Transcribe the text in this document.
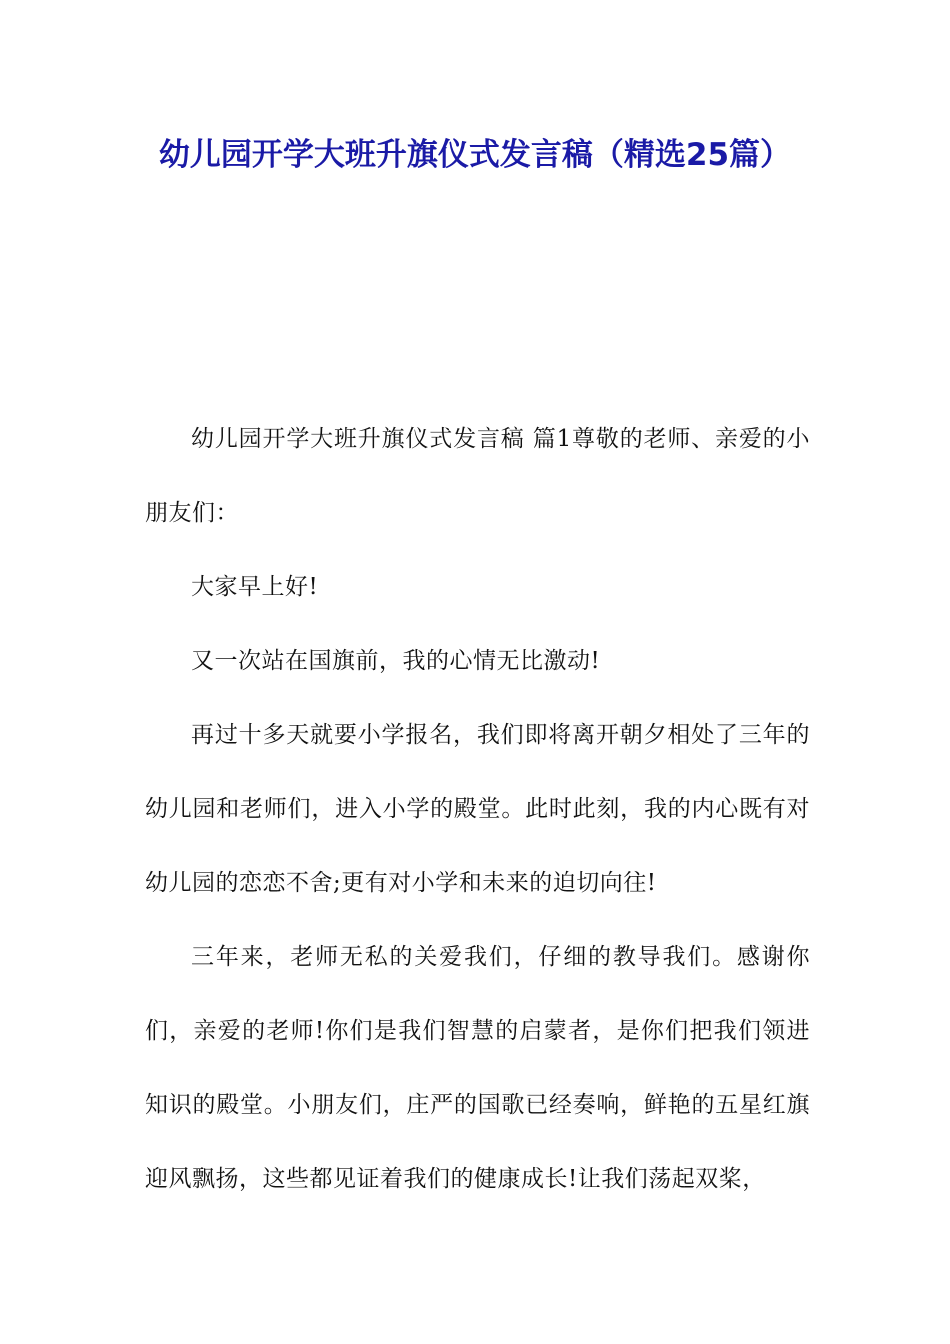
幼儿园开学大班升旗仪式发言稿（精选25篇）

幼儿园开学大班升旗仪式发言稿 篇1尊敬的老师、亲爱的小朋友们：

大家早上好!

又一次站在国旗前，我的心情无比激动!

再过十多天就要小学报名，我们即将离开朝夕相处了三年的幼儿园和老师们，进入小学的殿堂。此时此刻，我的内心既有对幼儿园的恋恋不舍;更有对小学和未来的迫切向往!

三年来，老师无私的关爱我们，仔细的教导我们。感谢你们，亲爱的老师!你们是我们智慧的启蒙者，是你们把我们领进知识的殿堂。小朋友们，庄严的国歌已经奏响，鲜艳的五星红旗迎风飘扬，这些都见证着我们的健康成长!让我们荡起双桨，
